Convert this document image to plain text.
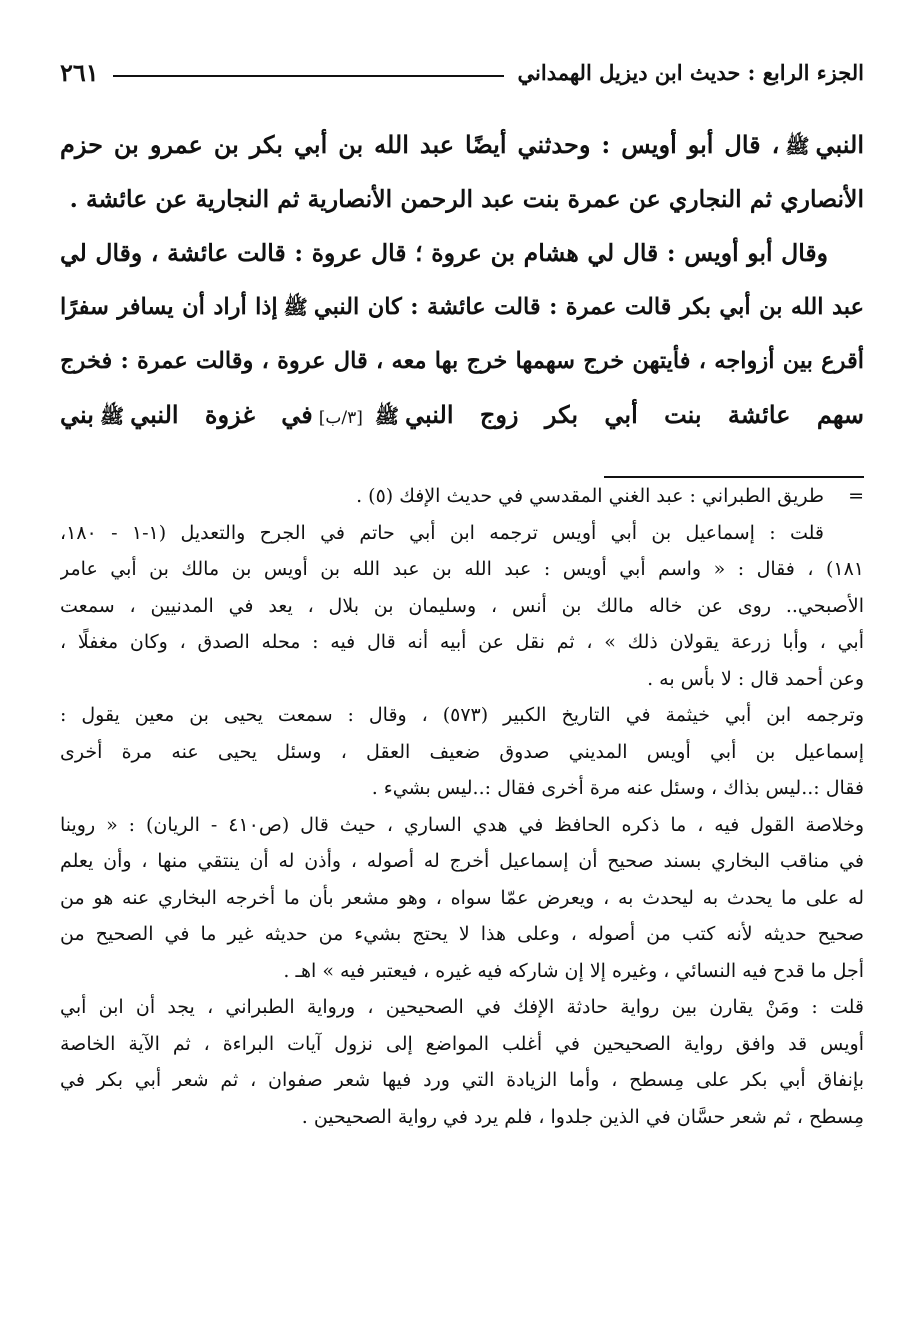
الجزء الرابع : حديث ابن ديزيل الهمداني
٢٦١
النبيﷺ، قال أبو أويس : وحدثني أيضًا عبد الله بن أبي بكر بن عمرو بن حزم
الأنصاري ثم النجاري عن عمرة بنت عبد الرحمن الأنصارية ثم النجارية عن عائشة .
وقال أبو أويس : قال لي هشام بن عروة ؛ قال عروة : قالت عائشة ، وقال لي
عبد الله بن أبي بكر قالت عمرة : قالت عائشة : كان النبيﷺإذا أراد أن يسافر سفرًا
أقرع بين أزواجه ، فأيتهن خرج سهمها خرج بها معه ، قال عروة ، وقالت عمرة : فخرج
سهم عائشة بنت أبي بكر زوج النبيﷺ[٣/ب]في غزوة النبيﷺبني
=طريق الطبراني : عبد الغني المقدسي في حديث الإفك (٥) .
قلت : إسماعيل بن أبي أويس ترجمه ابن أبي حاتم في الجرح والتعديل (١-١ - ١٨٠،
١٨١) ، فقال : « واسم أبي أويس : عبد الله بن عبد الله بن أويس بن مالك بن أبي عامر
الأصبحي.. روى عن خاله مالك بن أنس ، وسليمان بن بلال ، يعد في المدنيين ، سمعت
أبي ، وأبا زرعة يقولان ذلك » ، ثم نقل عن أبيه أنه قال فيه : محله الصدق ، وكان مغفلًا ،
وعن أحمد قال : لا بأس به .
وترجمه ابن أبي خيثمة في التاريخ الكبير (٥٧٣) ، وقال : سمعت يحيى بن معين يقول :
إسماعيل بن أبي أويس المديني صدوق ضعيف العقل ، وسئل يحيى عنه مرة أخرى
فقال :..ليس بذاك ، وسئل عنه مرة أخرى فقال :..ليس بشيء .
وخلاصة القول فيه ، ما ذكره الحافظ في هدي الساري ، حيث قال (ص٤١٠ - الريان) : « روينا
في مناقب البخاري بسند صحيح أن إسماعيل أخرج له أصوله ، وأذن له أن ينتقي منها ، وأن يعلم
له على ما يحدث به ليحدث به ، ويعرض عمّا سواه ، وهو مشعر بأن ما أخرجه البخاري عنه هو من
صحيح حديثه لأنه كتب من أصوله ، وعلى هذا لا يحتج بشيء من حديثه غير ما في الصحيح من
أجل ما قدح فيه النسائي ، وغيره إلا إن شاركه فيه غيره ، فيعتبر فيه » اهـ .
قلت : ومَنْ يقارن بين رواية حادثة الإفك في الصحيحين ، ورواية الطبراني ، يجد أن ابن أبي
أويس قد وافق رواية الصحيحين في أغلب المواضع إلى نزول آيات البراءة ، ثم الآية الخاصة
بإنفاق أبي بكر على مِسطح ، وأما الزيادة التي ورد فيها شعر صفوان ، ثم شعر أبي بكر في
مِسطح ، ثم شعر حسَّان في الذين جلدوا ، فلم يرد في رواية الصحيحين .
